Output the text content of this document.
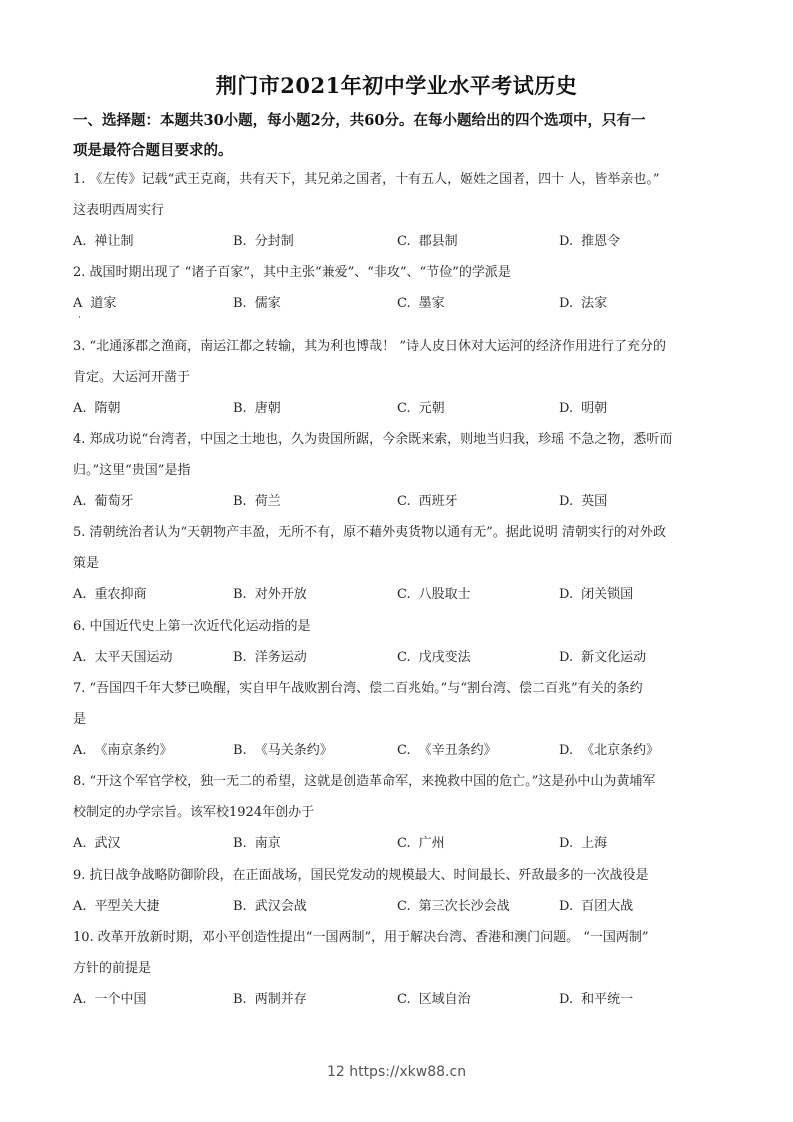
荆门市2021年初中学业水平考试历史
一、选择题：本题共30小题，每小题2分，共60分。在每小题给出的四个选项中，只有一
项是最符合题目要求的。
1. 《左传》记载“武王克商，共有天下，其兄弟之国者，十有五人，姬姓之国者，四十 人，皆举亲也。”
这表明西周实行
A. 禅让制	B. 分封制	C. 郡县制	D. 推恩令
2. 战国时期出现了 “诸子百家”，其中主张“兼爱”、“非攻”、“节俭”的学派是
A 道家	B. 儒家	C. 墨家	D. 法家
3. “北通涿郡之渔商，南运江都之转输，其为利也博哉！ ”诗人皮日休对大运河的经济作用进行了充分的
肯定。大运河开凿于
A. 隋朝	B. 唐朝	C. 元朝	D. 明朝
4. 郑成功说“台湾者，中国之土地也，久为贵国所踞，今余既来索，则地当归我，珍瑶 不急之物，悉听而
归。”这里“贵国”是指
A. 葡萄牙	B. 荷兰	C. 西班牙	D. 英国
5. 清朝统治者认为“天朝物产丰盈，无所不有，原不藉外夷货物以通有无”。据此说明 清朝实行的对外政
策是
A. 重农抑商	B. 对外开放	C. 八股取士	D. 闭关锁国
6. 中国近代史上第一次近代化运动指的是
A. 太平天国运动	B. 洋务运动	C. 戊戌变法	D. 新文化运动
7. “吾国四千年大梦已唤醒，实自甲午战败割台湾、偿二百兆始。”与“割台湾、偿二百兆”有关的条约
是
A. 《南京条约》	B. 《马关条约》	C. 《辛丑条约》	D. 《北京条约》
8. “开这个军官学校，独一无二的希望，这就是创造革命军，来挽救中国的危亡。”这是孙中山为黄埔军
校制定的办学宗旨。该军校1924年创办于
A. 武汉	B. 南京	C. 广州	D. 上海
9. 抗日战争战略防御阶段，在正面战场，国民党发动的规模最大、时间最长、歼敌最多的一次战役是
A. 平型关大捷	B. 武汉会战	C. 第三次长沙会战	D. 百团大战
10. 改革开放新时期，邓小平创造性提出“一国两制”，用于解决台湾、香港和澳门问题。 “一国两制”
方针的前提是
A. 一个中国	B. 两制并存	C. 区域自治	D. 和平统一
12 https://xkw88.cn
